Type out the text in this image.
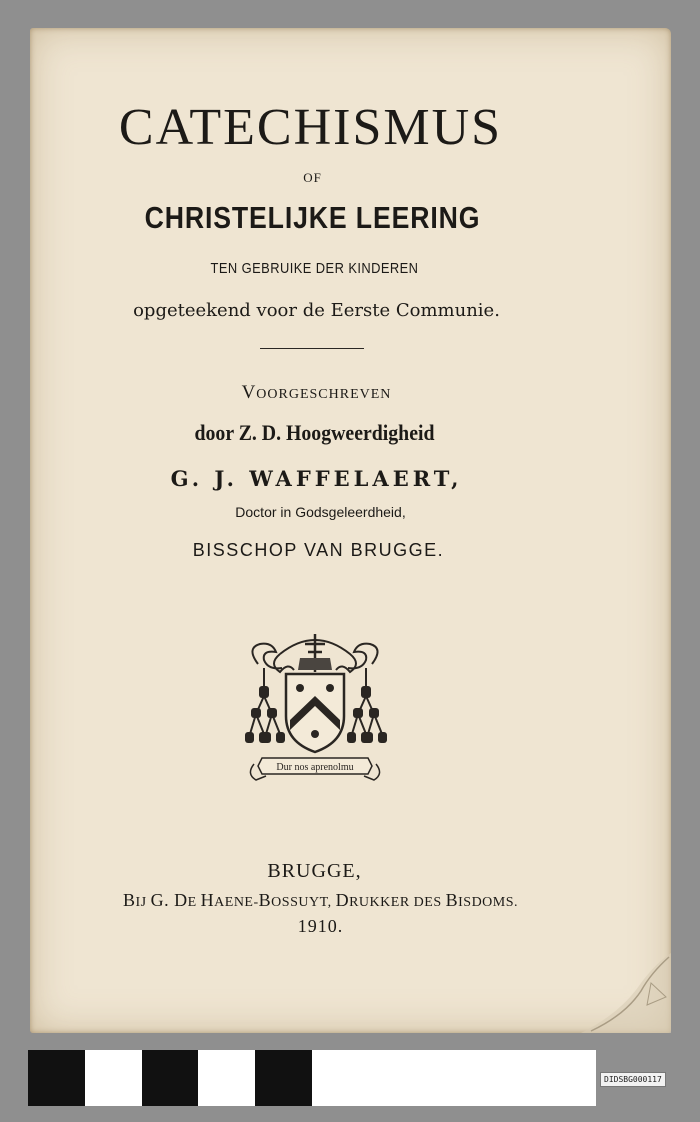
CATECHISMUS
OF
CHRISTELIJKE LEERING
TEN GEBRUIKE DER KINDEREN
opgeteekend voor de Eerste Communie.
VOORGESCHREVEN
door Z. D. Hoogweerdigheid
G. J. WAFFELAERT,
Doctor in Godsgeleerdheid,
BISSCHOP VAN BRUGGE.
Dur nos aprenolmu
BRUGGE,
BIJ G. DE HAENE-BOSSUYT, DRUKKER DES BISDOMS.
1910.
DIDSBG000117
